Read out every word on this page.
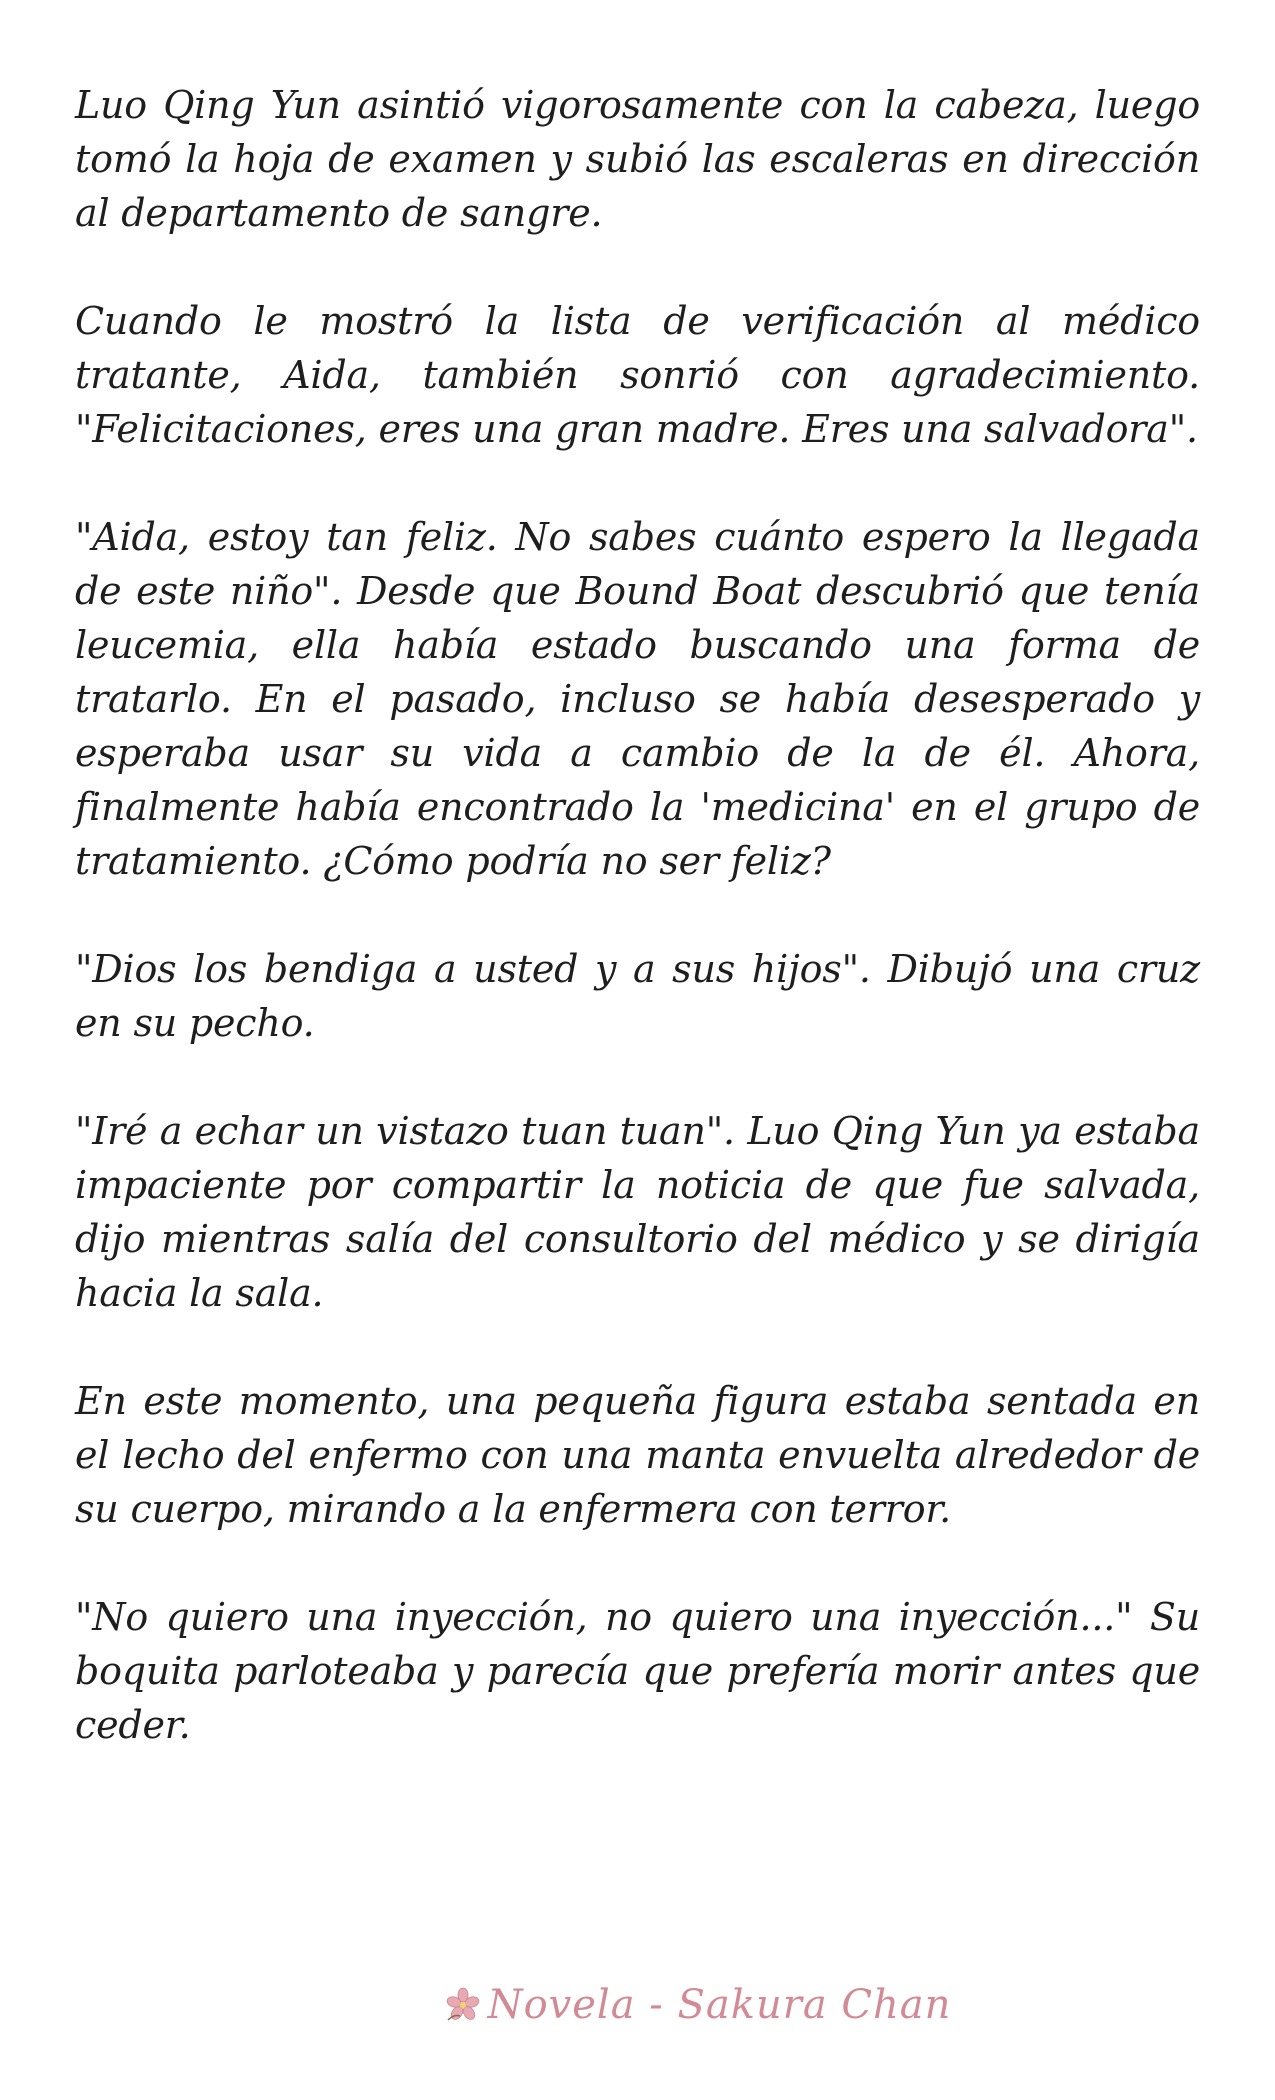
Luo Qing Yun asintió vigorosamente con la cabeza, luego tomó la hoja de examen y subió las escaleras en dirección al departamento de sangre.

Cuando le mostró la lista de verificación al médico tratante, Aida, también sonrió con agradecimiento. "Felicitaciones, eres una gran madre. Eres una salvadora".

"Aida, estoy tan feliz. No sabes cuánto espero la llegada de este niño". Desde que Bound Boat descubrió que tenía leucemia, ella había estado buscando una forma de tratarlo. En el pasado, incluso se había desesperado y esperaba usar su vida a cambio de la de él. Ahora, finalmente había encontrado la 'medicina' en el grupo de tratamiento. ¿Cómo podría no ser feliz?

"Dios los bendiga a usted y a sus hijos". Dibujó una cruz en su pecho.

"Iré a echar un vistazo tuan tuan". Luo Qing Yun ya estaba impaciente por compartir la noticia de que fue salvada, dijo mientras salía del consultorio del médico y se dirigía hacia la sala.

En este momento, una pequeña figura estaba sentada en el lecho del enfermo con una manta envuelta alrededor de su cuerpo, mirando a la enfermera con terror.

"No quiero una inyección, no quiero una inyección..." Su boquita parloteaba y parecía que prefería morir antes que ceder.

Novela - Sakura Chan
